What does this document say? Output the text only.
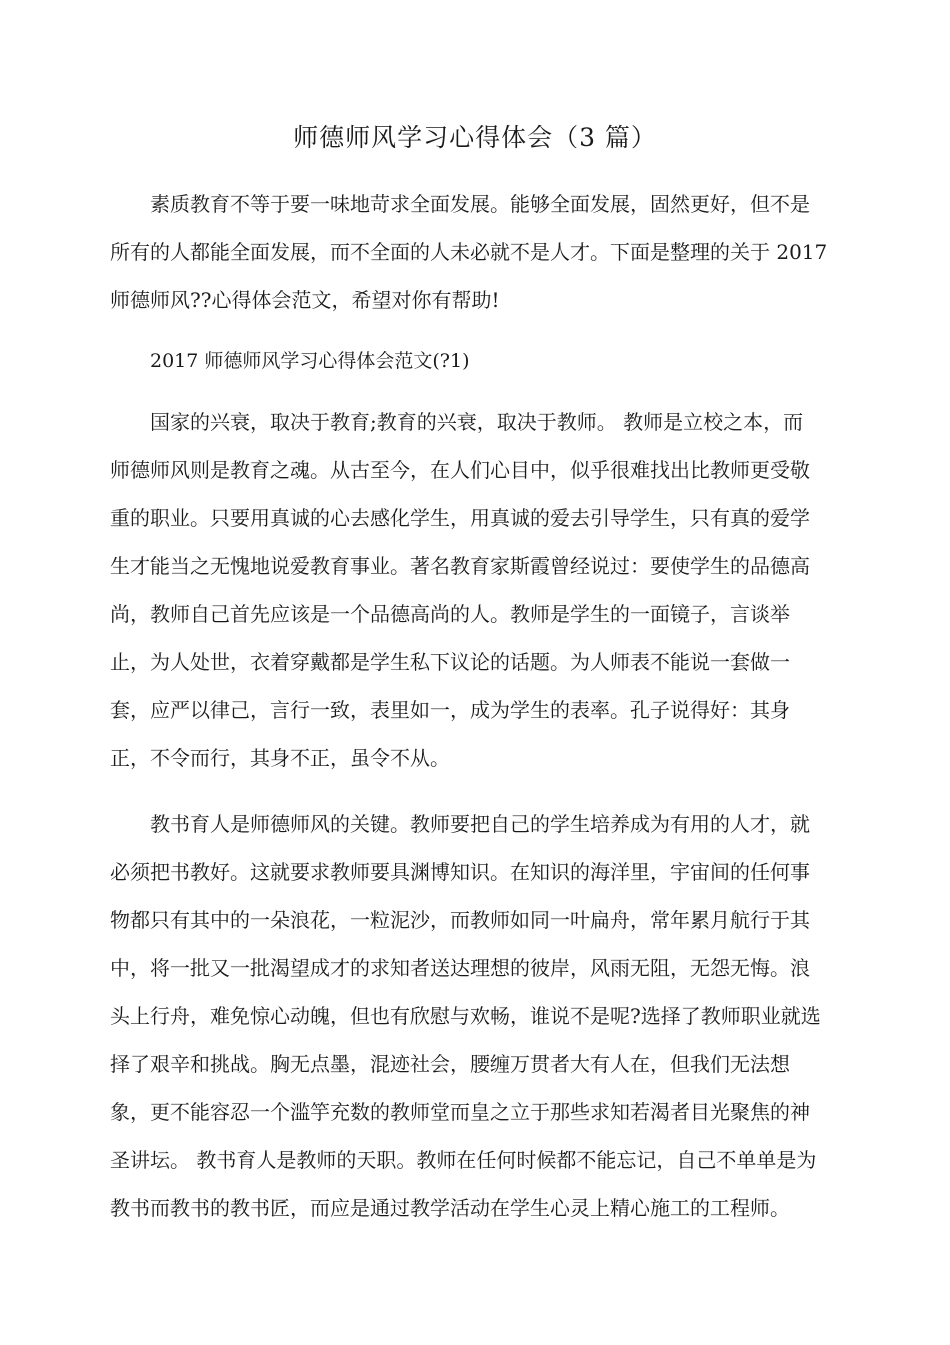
师德师风学习心得体会（3 篇）
素质教育不等于要一味地苛求全面发展。能够全面发展，固然更好，但不是
所有的人都能全面发展，而不全面的人未必就不是人才。下面是整理的关于 2017
师德师风??心得体会范文，希望对你有帮助!
2017 师德师风学习心得体会范文(?1)
国家的兴衰，取决于教育;教育的兴衰，取决于教师。 教师是立校之本，而
师德师风则是教育之魂。从古至今，在人们心目中，似乎很难找出比教师更受敬
重的职业。只要用真诚的心去感化学生，用真诚的爱去引导学生，只有真的爱学
生才能当之无愧地说爱教育事业。著名教育家斯霞曾经说过：要使学生的品德高
尚，教师自己首先应该是一个品德高尚的人。教师是学生的一面镜子，言谈举
止，为人处世，衣着穿戴都是学生私下议论的话题。为人师表不能说一套做一
套，应严以律己，言行一致，表里如一，成为学生的表率。孔子说得好：其身
正，不令而行，其身不正，虽令不从。
教书育人是师德师风的关键。教师要把自己的学生培养成为有用的人才，就
必须把书教好。这就要求教师要具渊博知识。在知识的海洋里，宇宙间的任何事
物都只有其中的一朵浪花，一粒泥沙，而教师如同一叶扁舟，常年累月航行于其
中，将一批又一批渴望成才的求知者送达理想的彼岸，风雨无阻，无怨无悔。浪
头上行舟，难免惊心动魄，但也有欣慰与欢畅，谁说不是呢?选择了教师职业就选
择了艰辛和挑战。胸无点墨，混迹社会，腰缠万贯者大有人在，但我们无法想
象，更不能容忍一个滥竽充数的教师堂而皇之立于那些求知若渴者目光聚焦的神
圣讲坛。 教书育人是教师的天职。教师在任何时候都不能忘记，自己不单单是为
教书而教书的教书匠，而应是通过教学活动在学生心灵上精心施工的工程师。
